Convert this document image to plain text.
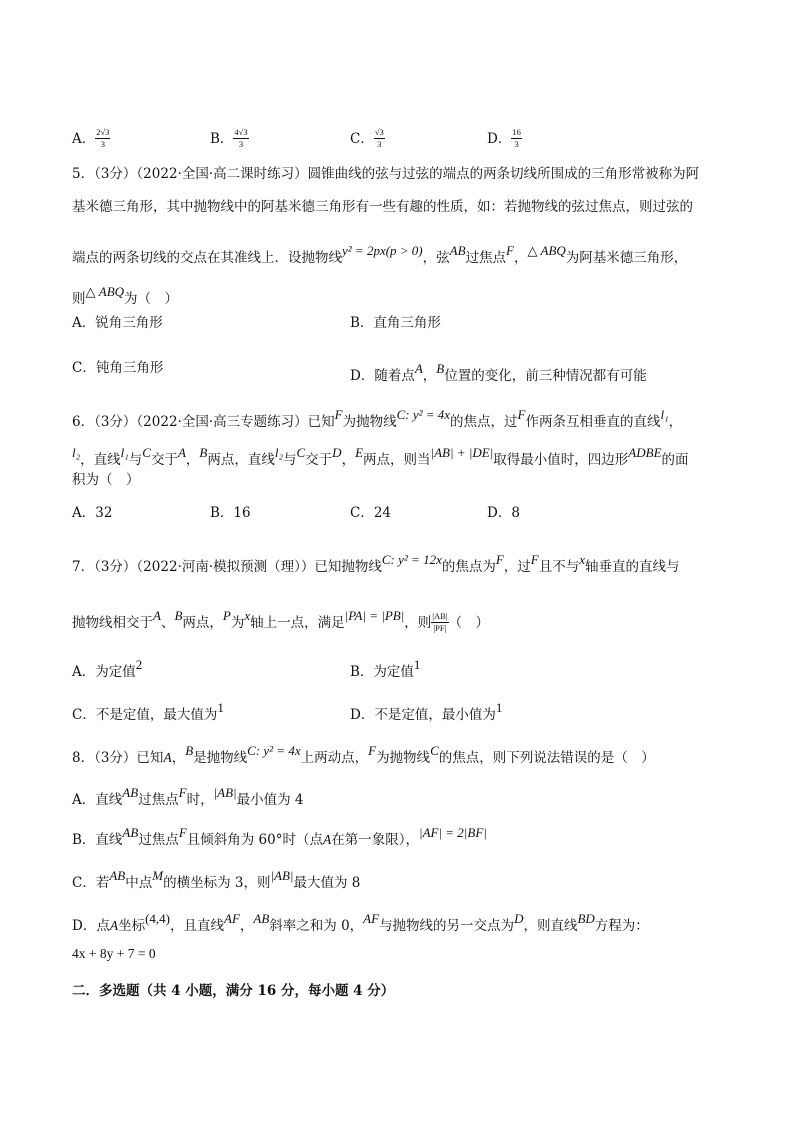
A． $\frac{2√3}{3}$	B． $\frac{4√3}{3}$	C． $\frac{√3}{3}$	D． $\frac{16}{3}$
5．（3分）（2022·全国·高二课时练习）圆锥曲线的弦与过弦的端点的两条切线所围成的三角形常被称为阿
基米德三角形，其中抛物线中的阿基米德三角形有一些有趣的性质，如：若抛物线的弦过焦点，则过弦的
端点的两条切线的交点在其准线上．设抛物线y² = 2px(p > 0)，弦AB过焦点F，△ ABQ为阿基米德三角形，
则△ ABQ为（　）
A．锐角三角形	B．直角三角形
C．钝角三角形	D．随着点A，B位置的变化，前三种情况都有可能
6．（3分）（2022·全国·高三专题练习）已知F为抛物线C: y² = 4x的焦点，过F作两条互相垂直的直线l₁，
l₂，直线l₁与C交于A，B两点，直线l₂与C交于D，E两点，则当|AB| + |DE|取得最小值时，四边形ADBE的面
积为（　）
A．32	B．16	C．24	D．8
7．（3分）（2022·河南·模拟预测（理））已知抛物线C: y² = 12x的焦点为F，过F且不与x轴垂直的直线与
抛物线相交于A、B两点，P为x轴上一点，满足|PA| = |PB|，则 $\frac{|AB|}{|PF|}$ （　）
A．为定值2	B．为定值1
C．不是定值，最大值为1	D．不是定值，最小值为1
8．（3分）已知A，B是抛物线C: y² = 4x上两动点，F为抛物线C的焦点，则下列说法错误的是（　）
A．直线AB过焦点F时，|AB|最小值为 4
B．直线AB过焦点F且倾斜角为 60°时（点A在第一象限），|AF| = 2|BF|
C．若AB中点M的横坐标为 3，则|AB|最大值为 8
D．点A坐标(4,4)，且直线AF，AB斜率之和为 0，AF与抛物线的另一交点为D，则直线BD方程为：
4x + 8y + 7 = 0
二．多选题（共 4 小题，满分 16 分，每小题 4 分）
